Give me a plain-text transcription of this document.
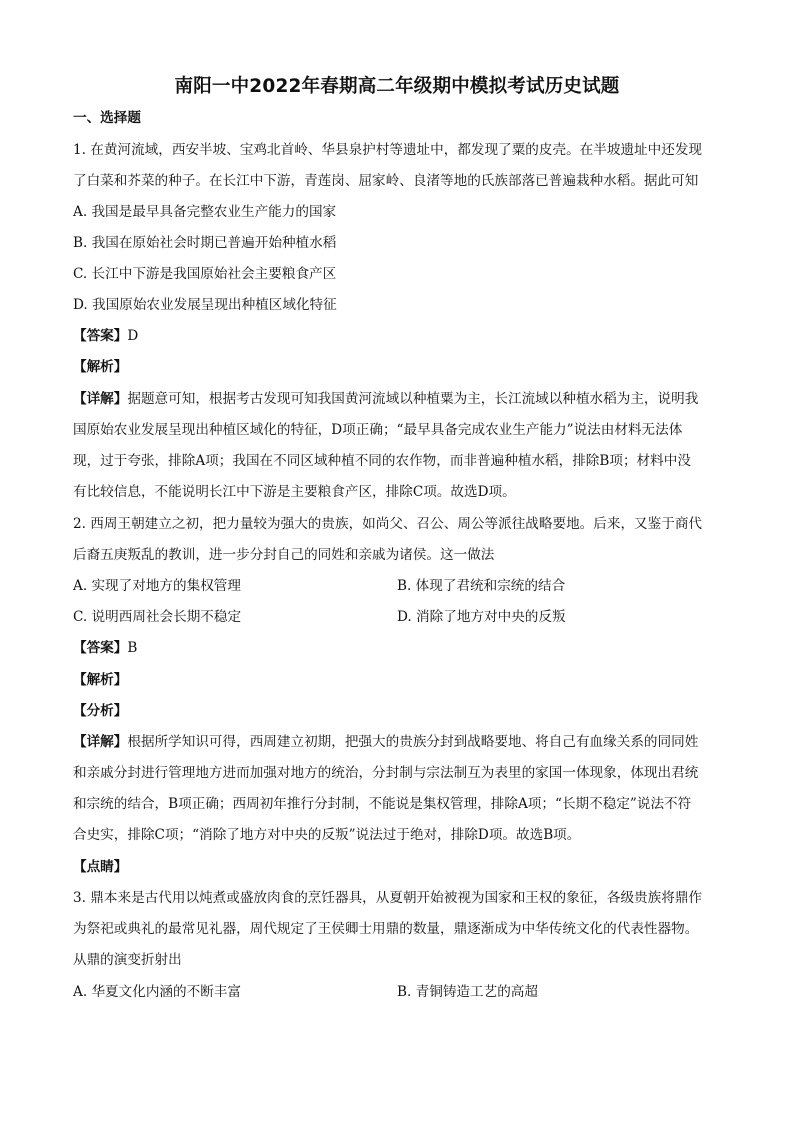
南阳一中2022年春期高二年级期中模拟考试历史试题
一、选择题
1. 在黄河流域，西安半坡、宝鸡北首岭、华县泉护村等遗址中，都发现了粟的皮壳。在半坡遗址中还发现
了白菜和芥菜的种子。在长江中下游，青莲岗、屈家岭、良渚等地的氏族部落已普遍栽种水稻。据此可知
A. 我国是最早具备完整农业生产能力的国家
B. 我国在原始社会时期已普遍开始种植水稻
C. 长江中下游是我国原始社会主要粮食产区
D. 我国原始农业发展呈现出种植区域化特征
【答案】D
【解析】
【详解】据题意可知，根据考古发现可知我国黄河流域以种植粟为主，长江流域以种植水稻为主，说明我
国原始农业发展呈现出种植区域化的特征，D项正确；“最早具备完成农业生产能力”说法由材料无法体
现，过于夸张，排除A项；我国在不同区域种植不同的农作物，而非普遍种植水稻，排除B项；材料中没
有比较信息，不能说明长江中下游是主要粮食产区，排除C项。故选D项。
2. 西周王朝建立之初，把力量较为强大的贵族，如尚父、召公、周公等派往战略要地。后来，又鉴于商代
后裔五庚叛乱的教训，进一步分封自己的同姓和亲戚为诸侯。这一做法
A. 实现了对地方的集权管理	B. 体现了君统和宗统的结合
C. 说明西周社会长期不稳定	D. 消除了地方对中央的反叛
【答案】B
【解析】
【分析】
【详解】根据所学知识可得，西周建立初期，把强大的贵族分封到战略要地、将自己有血缘关系的同同姓
和亲戚分封进行管理地方进而加强对地方的统治，分封制与宗法制互为表里的家国一体现象，体现出君统
和宗统的结合，B项正确；西周初年推行分封制，不能说是集权管理，排除A项；“长期不稳定”说法不符
合史实，排除C项；“消除了地方对中央的反叛”说法过于绝对，排除D项。故选B项。
【点睛】
3. 鼎本来是古代用以炖煮或盛放肉食的烹饪器具，从夏朝开始被视为国家和王权的象征，各级贵族将鼎作
为祭祀或典礼的最常见礼器，周代规定了王侯卿士用鼎的数量，鼎逐渐成为中华传统文化的代表性器物。
从鼎的演变折射出
A. 华夏文化内涵的不断丰富	B. 青铜铸造工艺的高超
